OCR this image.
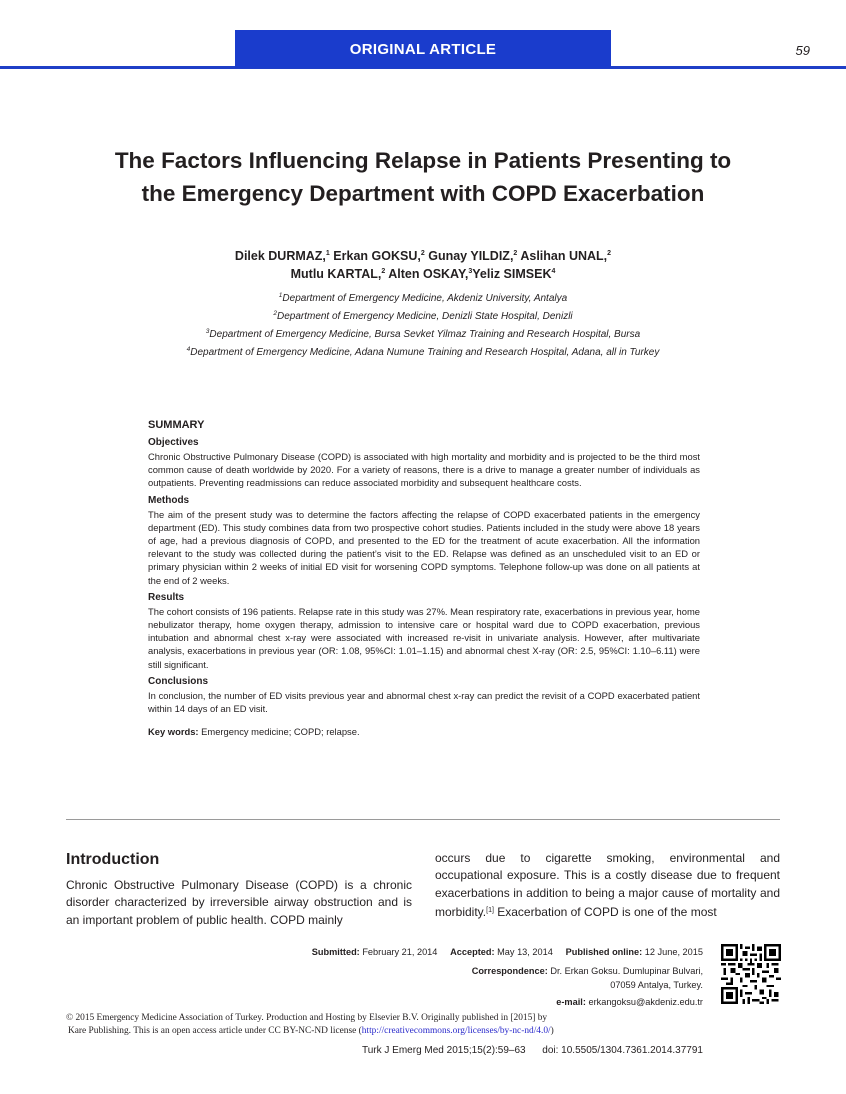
ORIGINAL ARTICLE	59
The Factors Influencing Relapse in Patients Presenting to
the Emergency Department with COPD Exacerbation
Dilek DURMAZ,$^1$ Erkan GOKSU,$^2$ Gunay YILDIZ,$^2$ Aslihan UNAL,$^2$
Mutlu KARTAL,$^2$ Alten OSKAY,$^3$Yeliz SIMSEK$^4$
$^1$Department of Emergency Medicine, Akdeniz University, Antalya
$^2$Department of Emergency Medicine, Denizli State Hospital, Denizli
$^3$Department of Emergency Medicine, Bursa Sevket Yilmaz Training and Research Hospital, Bursa
$^4$Department of Emergency Medicine, Adana Numune Training and Research Hospital, Adana, all in Turkey
SUMMARY
Objectives

Chronic Obstructive Pulmonary Disease (COPD) is associated with high mortality and morbidity and is projected to be the third most common cause of death worldwide by 2020. For a variety of reasons, there is a drive to manage a greater number of individuals as outpatients. Preventing readmissions can reduce associated morbidity and subsequent healthcare costs.

Methods

The aim of the present study was to determine the factors affecting the relapse of COPD exacerbated patients in the emergency department (ED). This study combines data from two prospective cohort studies. Patients included in the study were above 18 years of age, had a previous diagnosis of COPD, and presented to the ED for the treatment of acute exacerbation. All the information relevant to the study was collected during the patient’s visit to the ED. Relapse was defined as an unscheduled visit to an ED or primary physician within 2 weeks of initial ED visit for worsening COPD symptoms. Telephone follow-up was done on all patients at the end of 2 weeks.

Results

The cohort consists of 196 patients. Relapse rate in this study was 27%. Mean respiratory rate, exacerbations in previous year, home nebulizator therapy, home oxygen therapy, admission to intensive care or hospital ward due to COPD exacerbation, previous intubation and abnormal chest x-ray were associated with increased re-visit in univariate analysis. However, after multivariate analysis, exacerbations in previous year (OR: 1.08, 95%CI: 1.01–1.15) and abnormal chest X-ray (OR: 2.5, 95%CI: 1.10–6.11) were still significant.

Conclusions

In conclusion, the number of ED visits previous year and abnormal chest x-ray can predict the revisit of a COPD exacerbated patient within 14 days of an ED visit.

Key words: Emergency medicine; COPD; relapse.
Introduction

Chronic Obstructive Pulmonary Disease (COPD) is a chronic disorder characterized by irreversible airway obstruction and is an important problem of public health. COPD mainly

occurs due to cigarette smoking, environmental and occupational exposure. This is a costly disease due to frequent exacerbations in addition to being a major cause of mortality and morbidity.[1] Exacerbation of COPD is one of the most

Submitted: February 21, 2014 Accepted: May 13, 2014 Published online: 12 June, 2015
Correspondence: Dr. Erkan Goksu. Dumlupinar Bulvari,
07059 Antalya, Turkey.
e-mail: erkangoksu@akdeniz.edu.tr
© 2015 Emergency Medicine Association of Turkey. Production and Hosting by Elsevier B.V. Originally published in [2015] by
Kare Publishing. This is an open access article under CC BY-NC-ND license (http://creativecommons.org/licenses/by-nc-nd/4.0/)
Turk J Emerg Med 2015;15(2):59–63 doi: 10.5505/1304.7361.2014.37791
